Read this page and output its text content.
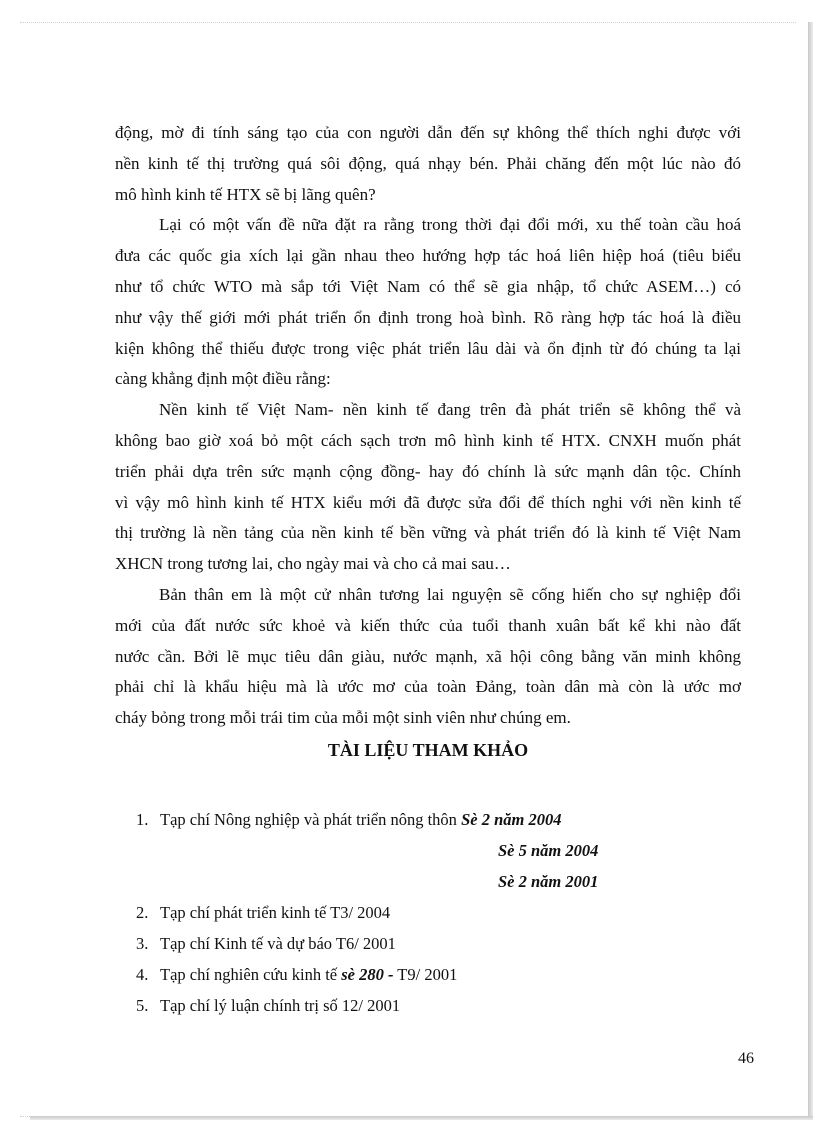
động, mờ đi tính sáng tạo của con người dẫn đến sự không thể thích nghi được với
nền kinh tế thị trường quá sôi động, quá nhạy bén. Phải chăng đến một lúc nào đó
mô hình kinh tế HTX sẽ bị lãng quên?
Lại có một vấn đề nữa đặt ra rằng trong thời đại đổi mới, xu thế toàn cầu hoá
đưa các quốc gia xích lại gần nhau theo hướng hợp tác hoá liên hiệp hoá (tiêu biểu
như tổ chức WTO mà sắp tới Việt Nam có thể sẽ gia nhập, tổ chức ASEM…) có
như vậy thế giới mới phát triển ổn định trong hoà bình. Rõ ràng hợp tác hoá là điều
kiện không thể thiếu được trong việc phát triển lâu dài và ổn định từ đó chúng ta lại
càng khẳng định một điều rằng:
Nền kinh tế Việt Nam- nền kinh tế đang trên đà phát triển sẽ không thể và
không bao giờ xoá bỏ một cách sạch trơn mô hình kinh tế HTX. CNXH muốn phát
triển phải dựa trên sức mạnh cộng đồng- hay đó chính là sức mạnh dân tộc. Chính
vì vậy mô hình kinh tế HTX kiểu mới đã được sửa đổi để thích nghi với nền kinh tế
thị trường là nền tảng của nền kinh tế bền vững và phát triển đó là kinh tế Việt Nam
XHCN trong tương lai, cho ngày mai và cho cả mai sau…
Bản thân em là một cử nhân tương lai nguyện sẽ cống hiến cho sự nghiệp đổi
mới của đất nước sức khoẻ và kiến thức của tuổi thanh xuân bất kể khi nào đất
nước cần. Bởi lẽ mục tiêu dân giàu, nước mạnh, xã hội công bằng văn minh không
phải chỉ là khẩu hiệu mà là ước mơ của toàn Đảng, toàn dân mà còn là ước mơ
cháy bỏng trong mỗi trái tim của mỗi một sinh viên như chúng em.
TÀI LIỆU THAM KHẢO
1. Tạp chí Nông nghiệp và phát triển nông thôn Sè 2 năm 2004
Sè 5 năm 2004
Sè 2 năm 2001
2. Tạp chí phát triển kinh tế T3/ 2004
3. Tạp chí Kinh tế và dự báo T6/ 2001
4. Tạp chí nghiên cứu kinh tế sè 280 - T9/ 2001
5. Tạp chí lý luận chính trị số 12/ 2001
46
